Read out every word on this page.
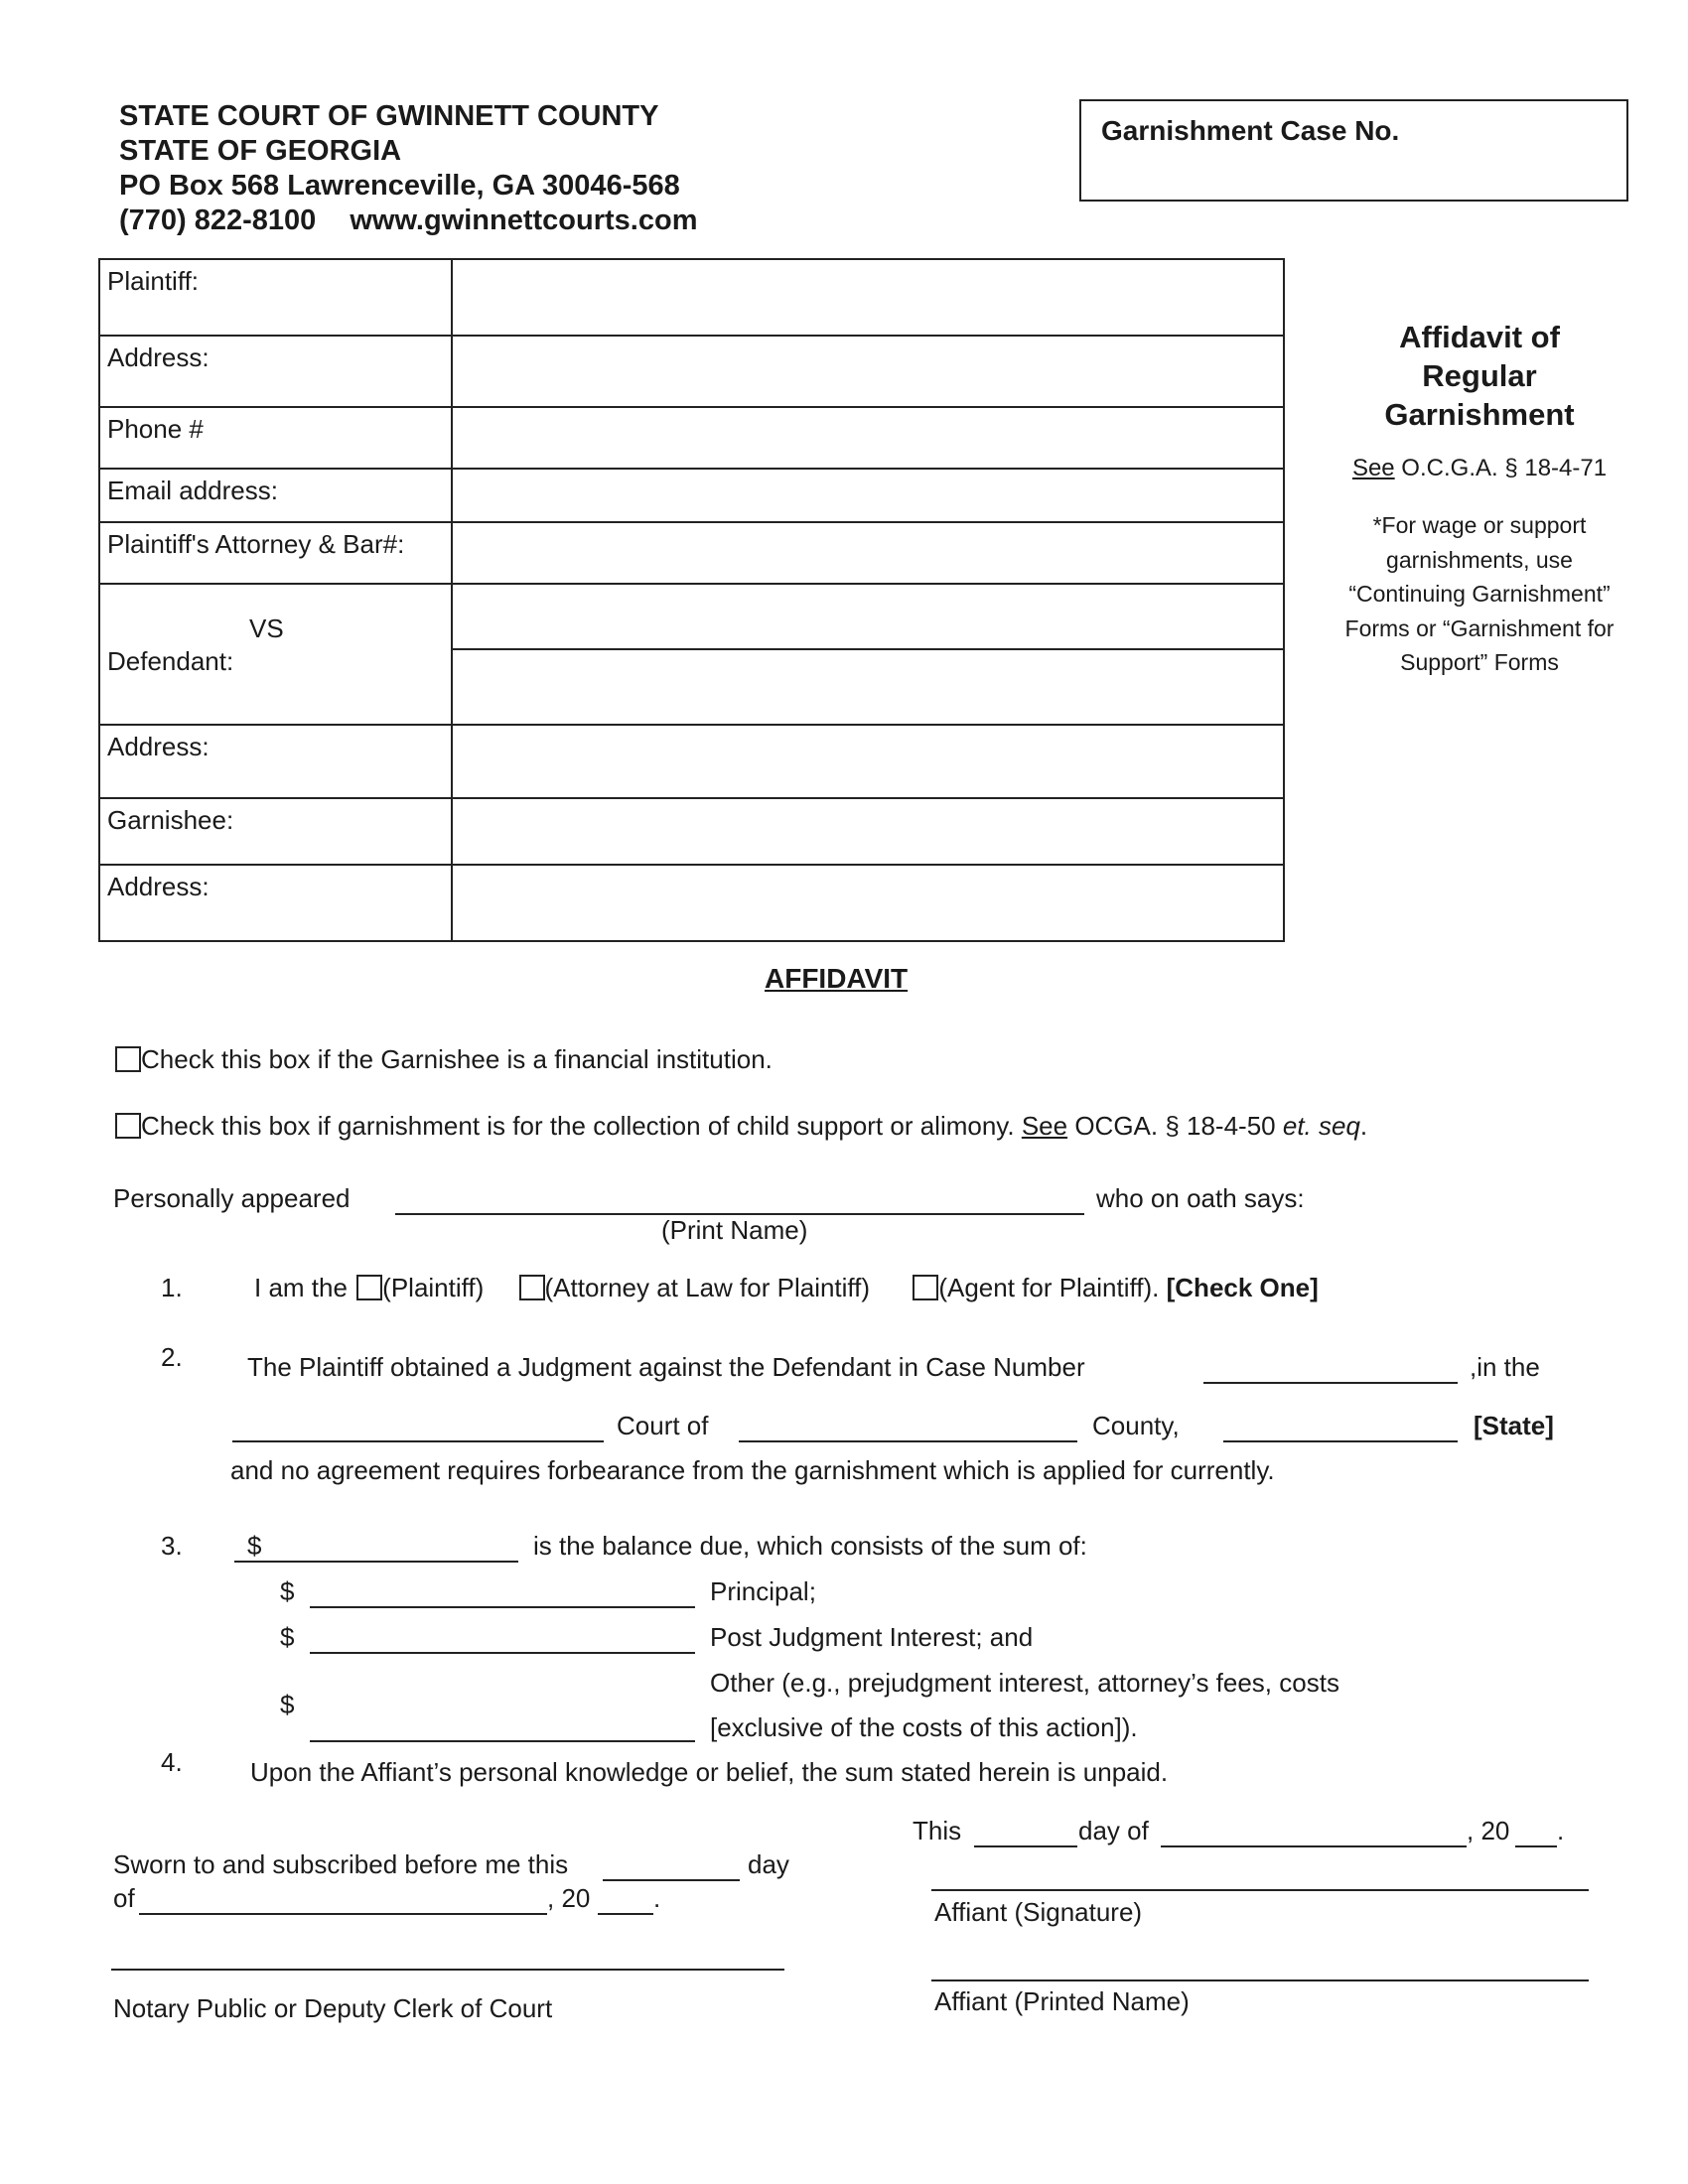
STATE COURT OF GWINNETT COUNTY
STATE OF GEORGIA
PO Box 568 Lawrenceville, GA 30046-568
(770) 822-8100 www.gwinnettcourts.com
Garnishment Case No.
Plaintiff:	
Address:	
Phone #	
Email address:	
Plaintiff's Attorney & Bar#:	

VS
Defendant:	

Address:	
Garnishee:	
Address:	
Affidavit of
Regular
Garnishment
See O.C.G.A. § 18-4-71
*For wage or support
garnishments, use
“Continuing Garnishment”
Forms or “Garnishment for
Support” Forms
AFFIDAVIT
Check this box if the Garnishee is a financial institution.
Check this box if garnishment is for the collection of child support or alimony. See OCGA. § 18-4-50 et. seq.
Personally appeared	who on oath says:
(Print Name)
1.	I am the (Plaintiff) (Attorney at Law for Plaintiff)	(Agent for Plaintiff). [Check One]
2.	The Plaintiff obtained a Judgment against the Defendant in Case Number	,in the
Court of	County,	[State]
and no agreement requires forbearance from the garnishment which is applied for currently.
3.	$	is the balance due, which consists of the sum of:
$	Principal;
$	Post Judgment Interest; and
$
Other (e.g., prejudgment interest, attorney’s fees, costs
[exclusive of the costs of this action]).
4.	Upon the Affiant’s personal knowledge or belief, the sum stated herein is unpaid.
This	day of	, 20 .
Affiant (Signature)
Affiant (Printed Name)
Sworn to and subscribed before me this	day
of	, 20 .
Notary Public or Deputy Clerk of Court
